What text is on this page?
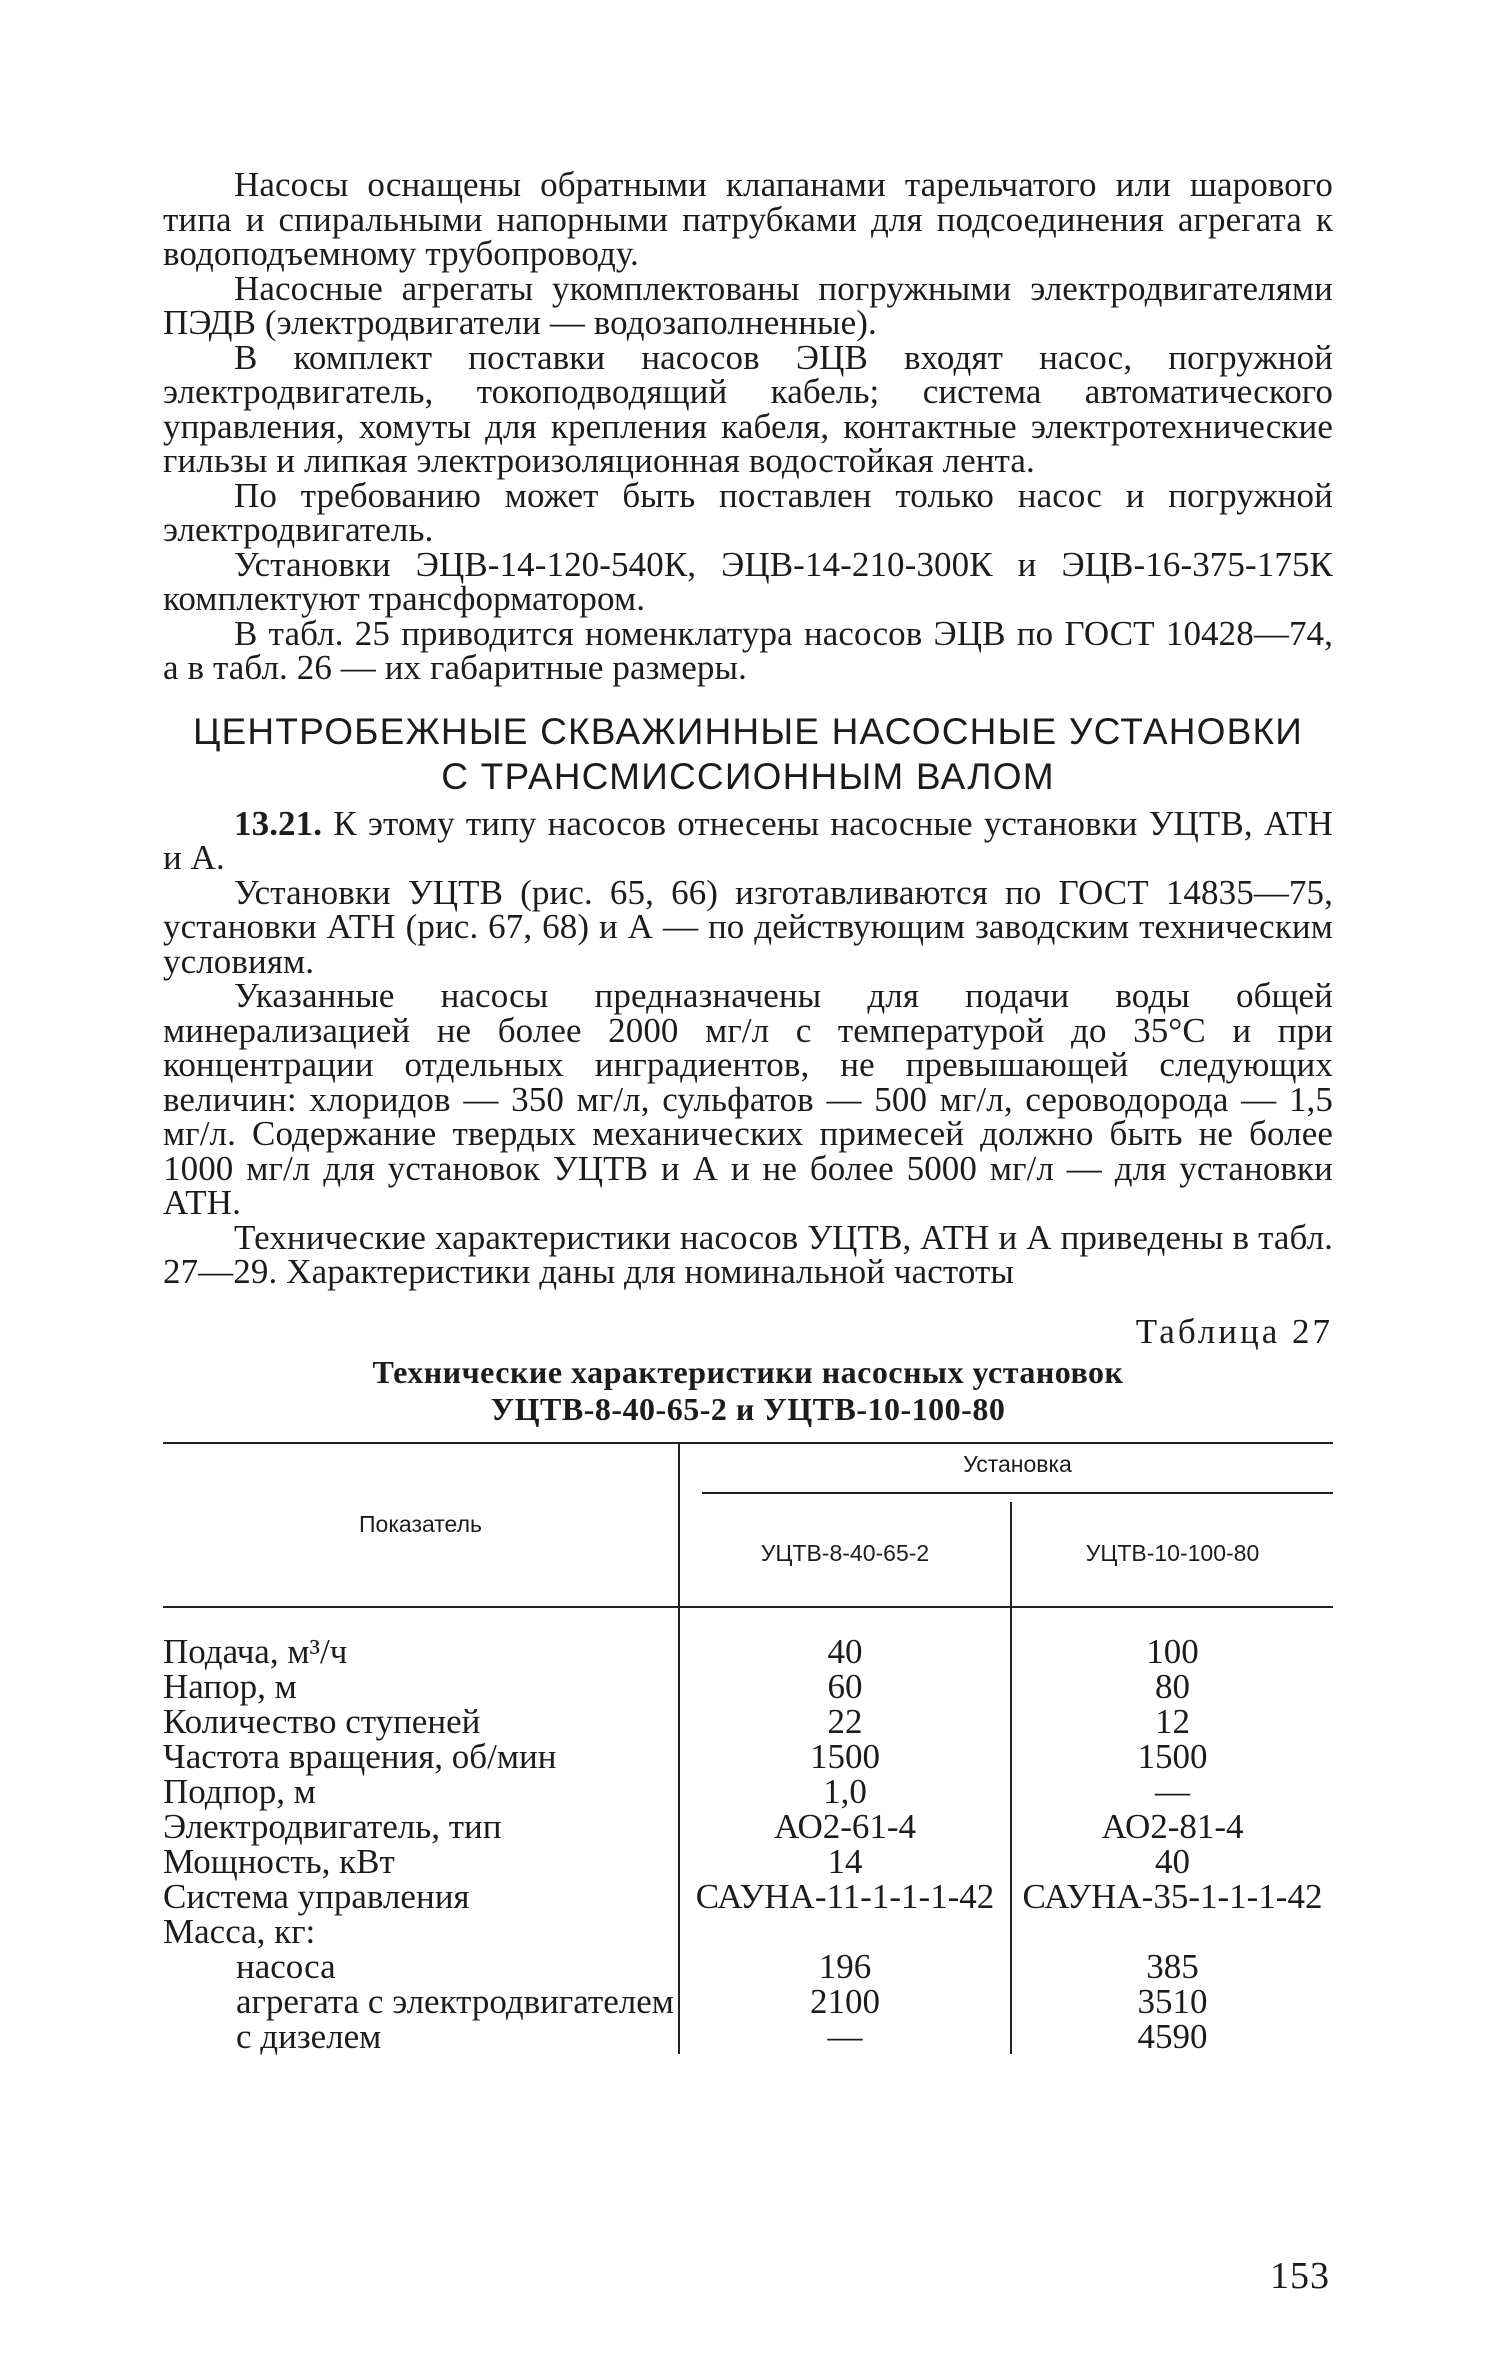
Насосы оснащены обратными клапанами тарельчатого или шарового типа и спиральными напорными патрубками для подсоединения агрегата к водоподъемному трубопроводу.

Насосные агрегаты укомплектованы погружными электродвигателями ПЭДВ (электродвигатели — водозаполненные).

В комплект поставки насосов ЭЦВ входят насос, погружной электродвигатель, токоподводящий кабель; система автоматического управления, хомуты для крепления кабеля, контактные электротехнические гильзы и липкая электроизоляционная водостойкая лента.

По требованию может быть поставлен только насос и погружной электродвигатель.

Установки ЭЦВ-14-120-540К, ЭЦВ-14-210-300К и ЭЦВ-16-375-175К комплектуют трансформатором.

В табл. 25 приводится номенклатура насосов ЭЦВ по ГОСТ 10428—74, а в табл. 26 — их габаритные размеры.

ЦЕНТРОБЕЖНЫЕ СКВАЖИННЫЕ НАСОСНЫЕ УСТАНОВКИ
С ТРАНСМИССИОННЫМ ВАЛОМ

13.21. К этому типу насосов отнесены насосные установки УЦТВ, АТН и А.

Установки УЦТВ (рис. 65, 66) изготавливаются по ГОСТ 14835—75, установки АТН (рис. 67, 68) и А — по действующим заводским техническим условиям.

Указанные насосы предназначены для подачи воды общей минерализацией не более 2000 мг/л с температурой до 35°С и при концентрации отдельных инградиентов, не превышающей следующих величин: хлоридов — 350 мг/л, сульфатов — 500 мг/л, сероводорода — 1,5 мг/л. Содержание твердых механических примесей должно быть не более 1000 мг/л для установок УЦТВ и А и не более 5000 мг/л — для установки АТН.

Технические характеристики насосов УЦТВ, АТН и А приведены в табл. 27—29. Характеристики даны для номинальной частоты

Таблица 27
Технические характеристики насосных установок
УЦТВ-8-40-65-2 и УЦТВ-10-100-80
Показатель	Установка	

	УЦТВ-8-40-65-2	УЦТВ-10-100-80

Подача, м³/ч	40	100
Напор, м	60	80
Количество ступеней	22	12
Частота вращения, об/мин	1500	1500
Подпор, м	1,0	—
Электродвигатель, тип	АО2-61-4	АО2-81-4
Мощность, кВт	14	40
Система управления	САУНА-11-1-1-1-42	САУНА-35-1-1-1-42
Масса, кг:		
насоса	196	385
агрегата с электродвигателем	2100	3510
с дизелем	—	4590
153
